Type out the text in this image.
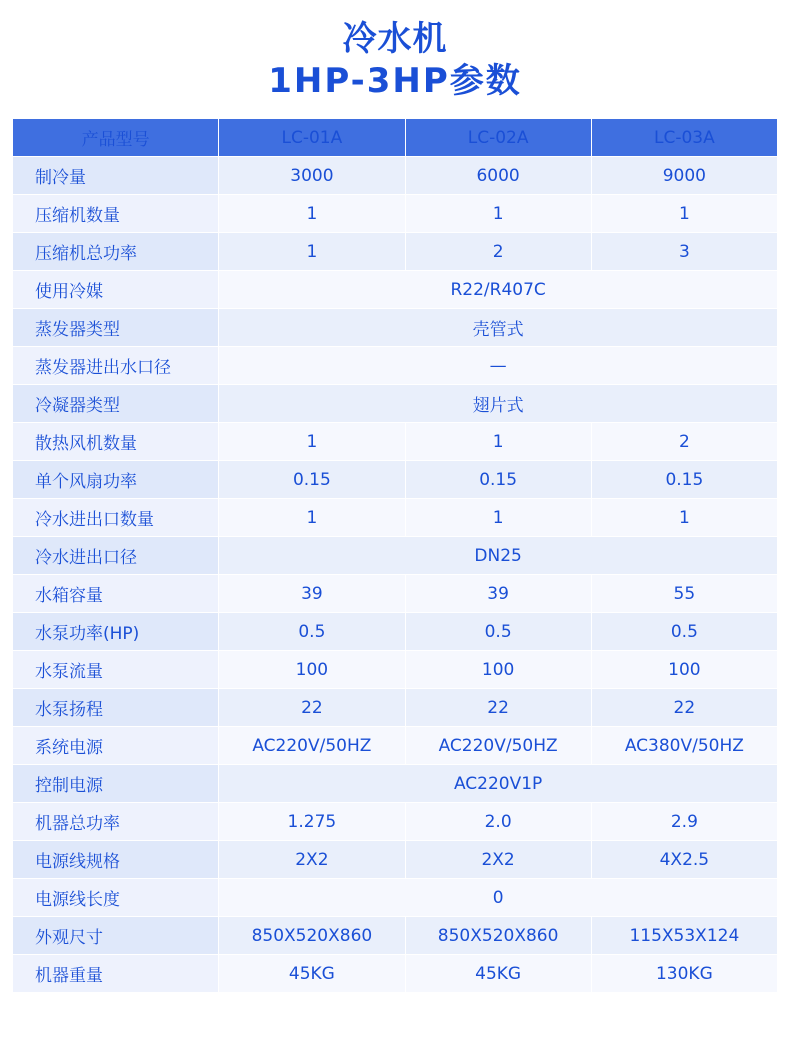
冷水机
1HP-3HP参数
产品型号	LC-01A	LC-02A	LC-03A
制冷量	3000	6000	9000
压缩机数量	1	1	1
压缩机总功率	1	2	3
使用冷媒	R22/R407C		
蒸发器类型	壳管式		
蒸发器进出水口径	—		
冷凝器类型	翅片式		
散热风机数量	1	1	2
单个风扇功率	0.15	0.15	0.15
冷水进出口数量	1	1	1
冷水进出口径	DN25		
水箱容量	39	39	55
水泵功率(HP)	0.5	0.5	0.5
水泵流量	100	100	100
水泵扬程	22	22	22
系统电源	AC220V/50HZ	AC220V/50HZ	AC380V/50HZ
控制电源	AC220V1P		
机器总功率	1.275	2.0	2.9
电源线规格	2X2	2X2	4X2.5
电源线长度	0		
外观尺寸	850X520X860	850X520X860	115X53X124
机器重量	45KG	45KG	130KG
